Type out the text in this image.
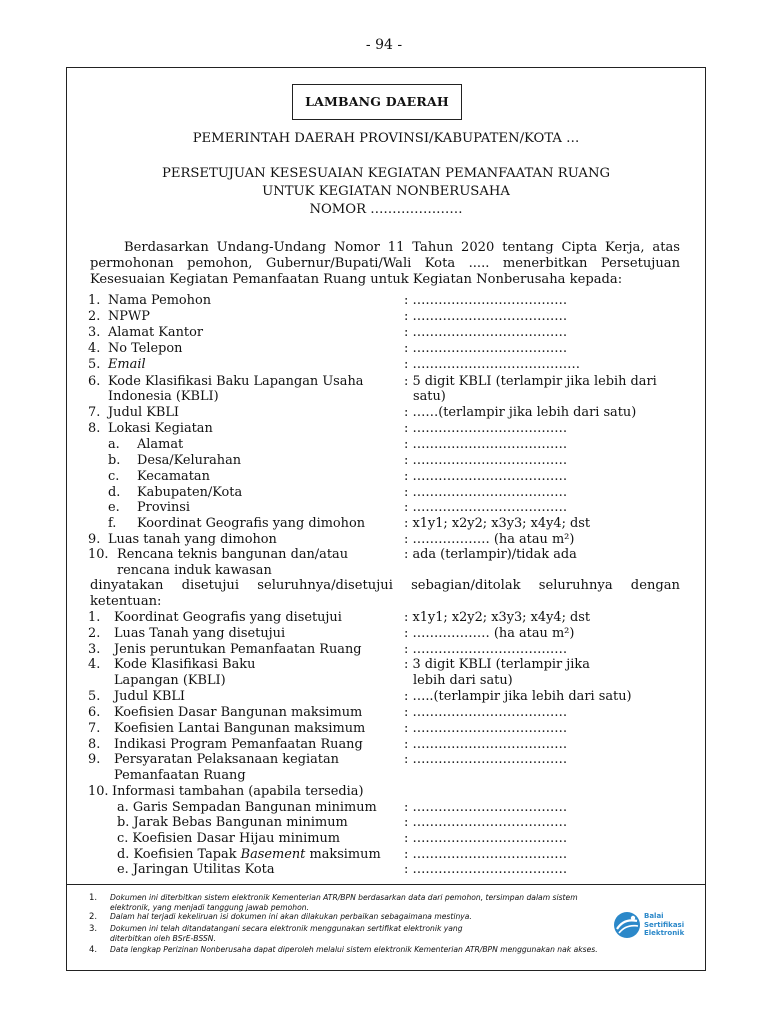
- 94 -
LAMBANG DAERAH
PEMERINTAH DAERAH PROVINSI/KABUPATEN/KOTA …
PERSETUJUAN KESESUAIAN KEGIATAN PEMANFAATAN RUANG
UNTUK KEGIATAN NONBERUSAHA
NOMOR …………………
Berdasarkan Undang-Undang Nomor 11 Tahun 2020 tentang Cipta Kerja, atas permohonan pemohon, Gubernur/Bupati/Wali Kota ..... menerbitkan Persetujuan Kesesuaian Kegiatan Pemanfaatan Ruang untuk Kegiatan Nonberusaha kepada:
1. Nama Pemohon	: ………………………………
2. NPWP	: ………………………………
3. Alamat Kantor	: ………………………………
4. No Telepon	: ………………………………
5. Email	: …………………………………
6. Kode Klasifikasi Baku Lapangan Usaha	: 5 digit KBLI (terlampir jika lebih dari
Indonesia (KBLI)	satu)
7. Judul KBLI	: ……(terlampir jika lebih dari satu)
8. Lokasi Kegiatan	: ………………………………
a. Alamat	: ………………………………
b. Desa/Kelurahan	: ………………………………
c. Kecamatan	: ………………………………
d. Kabupaten/Kota	: ………………………………
e. Provinsi	: ………………………………
f. Koordinat Geografis yang dimohon	: x1y1; x2y2; x3y3; x4y4; dst
9. Luas tanah yang dimohon	: ……………… (ha atau m²)
10. Rencana teknis bangunan dan/atau	: ada (terlampir)/tidak ada
rencana induk kawasan
dinyatakan disetujui seluruhnya/disetujui sebagian/ditolak seluruhnya dengan ketentuan:
1. Koordinat Geografis yang disetujui	: x1y1; x2y2; x3y3; x4y4; dst
2. Luas Tanah yang disetujui	: ……………… (ha atau m²)
3. Jenis peruntukan Pemanfaatan Ruang	: ………………………………
4. Kode Klasifikasi Baku	: 3 digit KBLI (terlampir jika
Lapangan (KBLI)	lebih dari satu)
5. Judul KBLI	: …..(terlampir jika lebih dari satu)
6. Koefisien Dasar Bangunan maksimum	: ………………………………
7. Koefisien Lantai Bangunan maksimum	: ………………………………
8. Indikasi Program Pemanfaatan Ruang	: ………………………………
9. Persyaratan Pelaksanaan kegiatan	: ………………………………
Pemanfaatan Ruang
10. Informasi tambahan (apabila tersedia)
a. Garis Sempadan Bangunan minimum : ………………………………
b. Jarak Bebas Bangunan minimum	: ………………………………
c. Koefisien Dasar Hijau minimum	: ………………………………
d. Koefisien Tapak Basement maksimum : ………………………………
e. Jaringan Utilitas Kota	: ………………………………
1. Dokumen ini diterbitkan sistem elektronik Kementerian ATR/BPN berdasarkan data dari pemohon, tersimpan dalam sistem elektronik, yang menjadi tanggung jawab pemohon.
2. Dalam hal terjadi kekeliruan isi dokumen ini akan dilakukan perbaikan sebagaimana mestinya.
3. Dokumen ini telah ditandatangani secara elektronik menggunakan sertifikat elektronik yang diterbitkan oleh BSrE-BSSN.
4. Data lengkap Perizinan Nonberusaha dapat diperoleh melalui sistem elektronik Kementerian ATR/BPN menggunakan nak akses.
Balai
Sertifikasi
Elektronik
